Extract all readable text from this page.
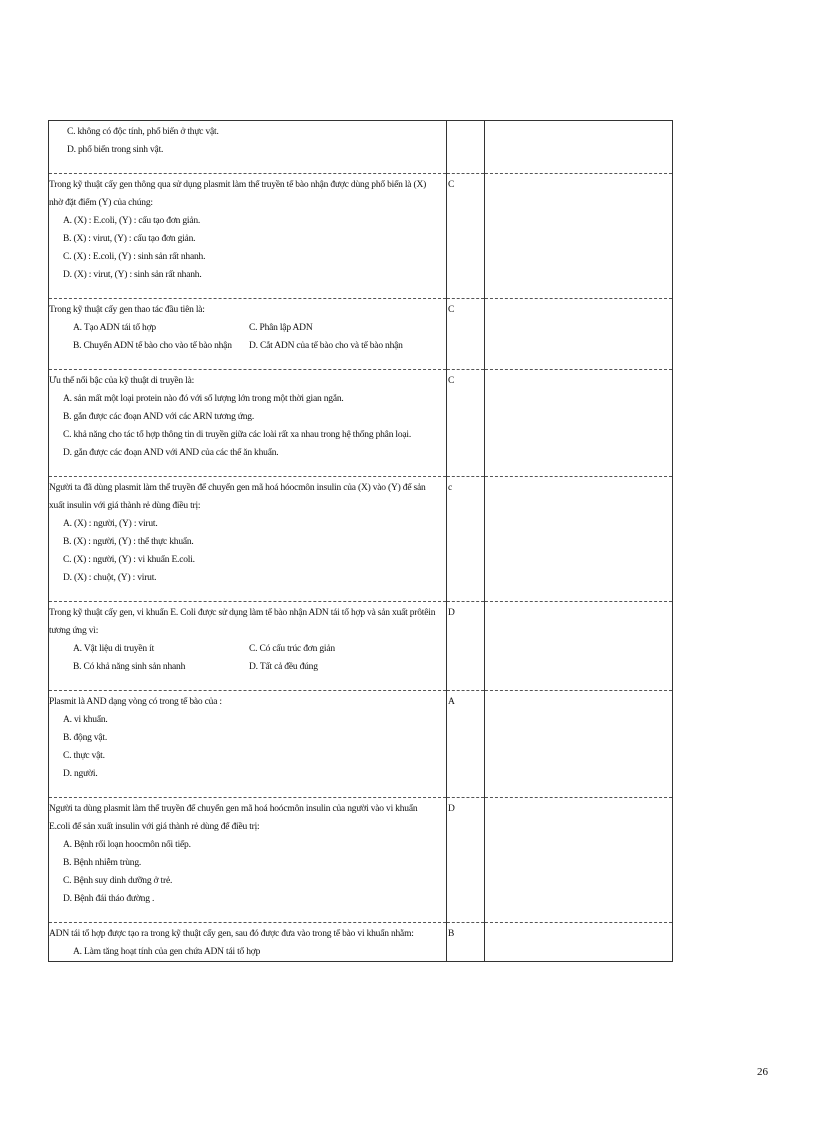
C. không có độc tính, phổ biến ở thực vật.
D. phổ biến trong sinh vật.		

Trong kỹ thuật cấy gen thông qua sử dụng plasmit làm thể truyền tế bào nhận được dùng phổ biến là (X) nhờ đặt điểm (Y) của chúng:
A. (X) : E.coli, (Y) : cấu tạo đơn giản.
B. (X) : virut, (Y) : cấu tạo đơn giản.
C. (X) : E.coli, (Y) : sinh sản rất nhanh.
D. (X) : virut, (Y) : sinh sản rất nhanh.	C	

Trong kỹ thuật cấy gen thao tác đầu tiên là:
A. Tạo ADN tái tổ hợp C. Phân lập ADN
B. Chuyển ADN tế bào cho vào tế bào nhận D. Cắt ADN của tế bào cho và tế bào nhận	C	

Ưu thế nổi bậc của kỹ thuật di truyền là:
A. sản mất một loại protein nào đó với số lượng lớn trong một thời gian ngắn.
B. gắn được các đoạn AND với các ARN tương ứng.
C. khả năng cho tác tổ hợp thông tin di truyền giữa các loài rất xa nhau trong hệ thống phân loại.
D. gắn được các đoạn AND với AND của các thể ăn khuẩn.	C	

Người ta đã dùng plasmit làm thể truyền để chuyển gen mã hoá hóocmôn insulin của (X) vào (Y) để sản xuất insulin với giá thành rẻ dùng điều trị:
A. (X) : người, (Y) : virut.
B. (X) : người, (Y) : thể thực khuẩn.
C. (X) : người, (Y) : vi khuẩn E.coli.
D. (X) : chuột, (Y) : virut.	c	

Trong kỹ thuật cấy gen, vi khuẩn E. Coli được sử dụng làm tế bào nhận ADN tái tổ hợp và sản xuất prôtêin tương ứng vì:
A. Vật liệu di truyền ít C. Có cấu trúc đơn giản
B. Có khả năng sinh sản nhanh D. Tất cả đều đúng	D	

Plasmit là AND dạng vòng có trong tế bào của :
A. vi khuẩn.
B. động vật.
C. thực vật.
D. người.	A	

Người ta dùng plasmit làm thể truyền để chuyển gen mã hoá hoócmôn insulin của người vào vi khuẩn E.coli để sản xuất insulin với giá thành rẻ dùng để điều trị:
A. Bệnh rối loạn hoocmôn nối tiếp.
B. Bệnh nhiễm trùng.
C. Bệnh suy dinh dưỡng ở trẻ.
D. Bệnh đái tháo đường .	D	

ADN tái tổ hợp được tạo ra trong kỹ thuật cấy gen, sau đó được đưa vào trong tế bào vi khuẩn nhằm:
A. Làm tăng hoạt tính của gen chứa ADN tái tổ hợp	B	
26
